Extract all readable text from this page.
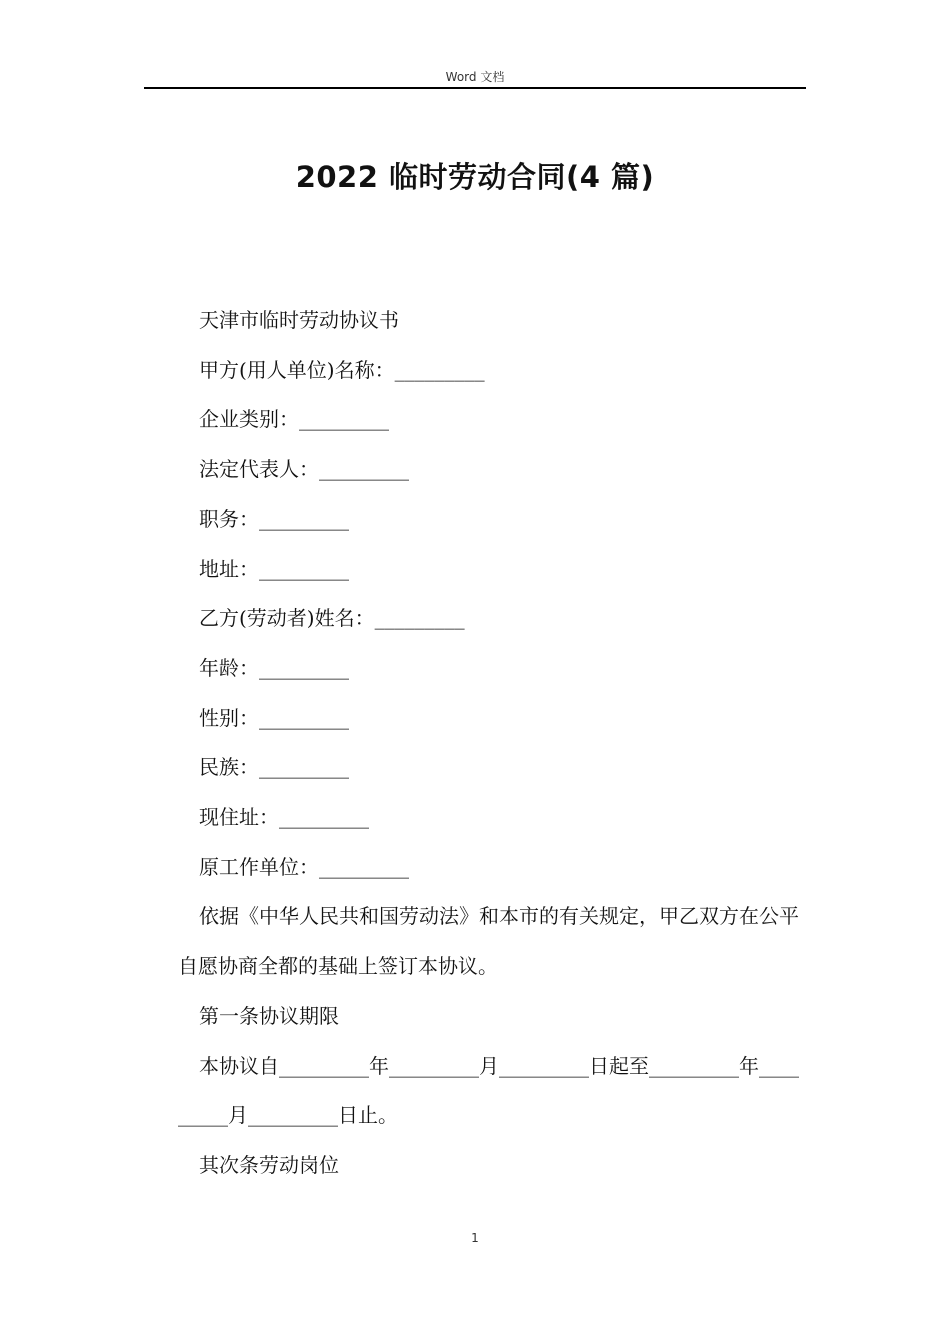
Word 文档
2022 临时劳动合同(4 篇)

天津市临时劳动协议书

甲方(用人单位)名称：_________

企业类别：_________

法定代表人：_________

职务：_________

地址：_________

乙方(劳动者)姓名：_________

年龄：_________

性别：_________

民族：_________

现住址：_________

原工作单位：_________

依据《中华人民共和国劳动法》和本市的有关规定，甲乙双方在公平自愿协商全都的基础上签订本协议。

第一条协议期限

本协议自_________年_________月_________日起至_________年_________月_________日止。

其次条劳动岗位

1
